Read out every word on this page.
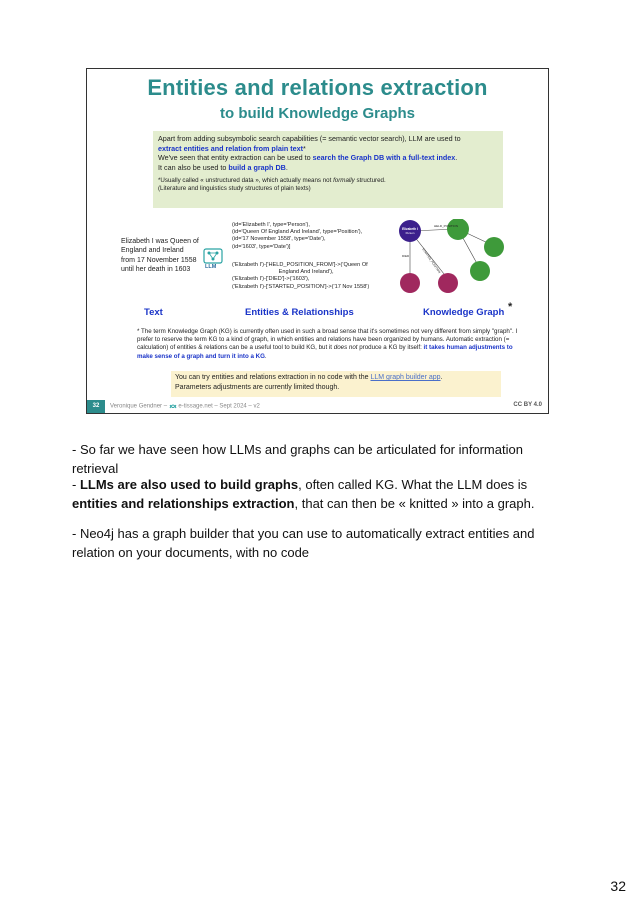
Entities and relations extraction
to build Knowledge Graphs
Apart from adding subsymbolic search capabilities (= semantic vector search), LLM are used to
extract entities and relation from plain text*
We've seen that entity extraction can be used to search the Graph DB with a full-text index.
It can also be used to build a graph DB.
*Usually called « unstructured data », which actually means not formally structured.
(Literature and linguistics study structures of plain texts)
Elizabeth I was Queen of England and Ireland from 17 November 1558 until her death in 1603	LLM
(id='Elizabeth I', type='Person'),
(id='Queen Of England And Ireland', type='Position'),
(id='17 November 1558', type='Date'),
(id='1603', type='Date')]
('Elizabeth I')-['HELD_POSITION_FROM']->('Queen Of
England And Ireland'),
('Elizabeth I')-['DIED']->('1603'),
('Elizabeth I')-['STARTED_POSITION']->('17 Nov 1558')
Elizabeth I
Person
HELD_POSITION
DIED	STARTED_POSITION
Text	Entities & Relationships	Knowledge Graph *
* The term Knowledge Graph (KG) is currently often used in such a broad sense that it's sometimes not very different from simply "graph". I prefer to reserve the term KG to a kind of graph, in which entities and relations have been organized by humans. Automatic extraction (= calculation) of entities & relations can be a useful tool to build KG, but it does not produce a KG by itself: it takes human adjustments to make sense of a graph and turn it into a KG.
You can try entities and relations extraction in no code with the LLM graph builder app.
Parameters adjustments are currently limited though.
32	Veronique Gendner –  e-tissage.net – Sept 2024 – v2	CC BY 4.0
- So far we have seen how LLMs and graphs can be articulated for information retrieval
- LLMs are also used to build graphs, often called KG. What the LLM does is entities and relationships extraction, that can then be « knitted » into a graph.
- Neo4j has a graph builder that you can use to automatically extract entities and relation on your documents, with no code
32
